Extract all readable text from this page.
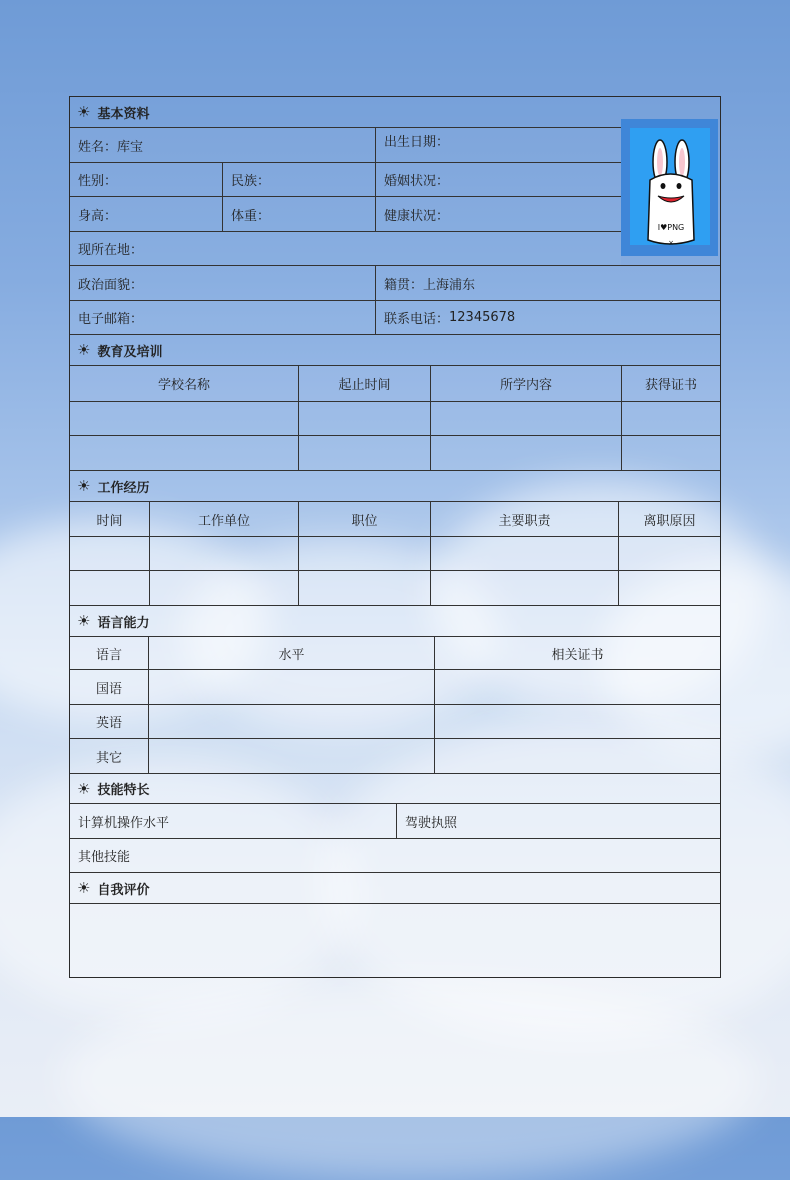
☀ 基本资料
姓名： 库宝	出生日期：
性别：	民族：	婚姻状况：
身高：	体重：	健康状况：
现所在地：
I♥PNG
×
政治面貌：	籍贯： 上海浦东
电子邮箱：	联系电话： 12345678
☀ 教育及培训
学校名称	起止时间	所学内容	获得证书
☀ 工作经历
时间	工作单位	职位	主要职责	离职原因
☀ 语言能力
语言	水平	相关证书
国语
英语
其它
☀ 技能特长
计算机操作水平	驾驶执照
其他技能
☀ 自我评价
